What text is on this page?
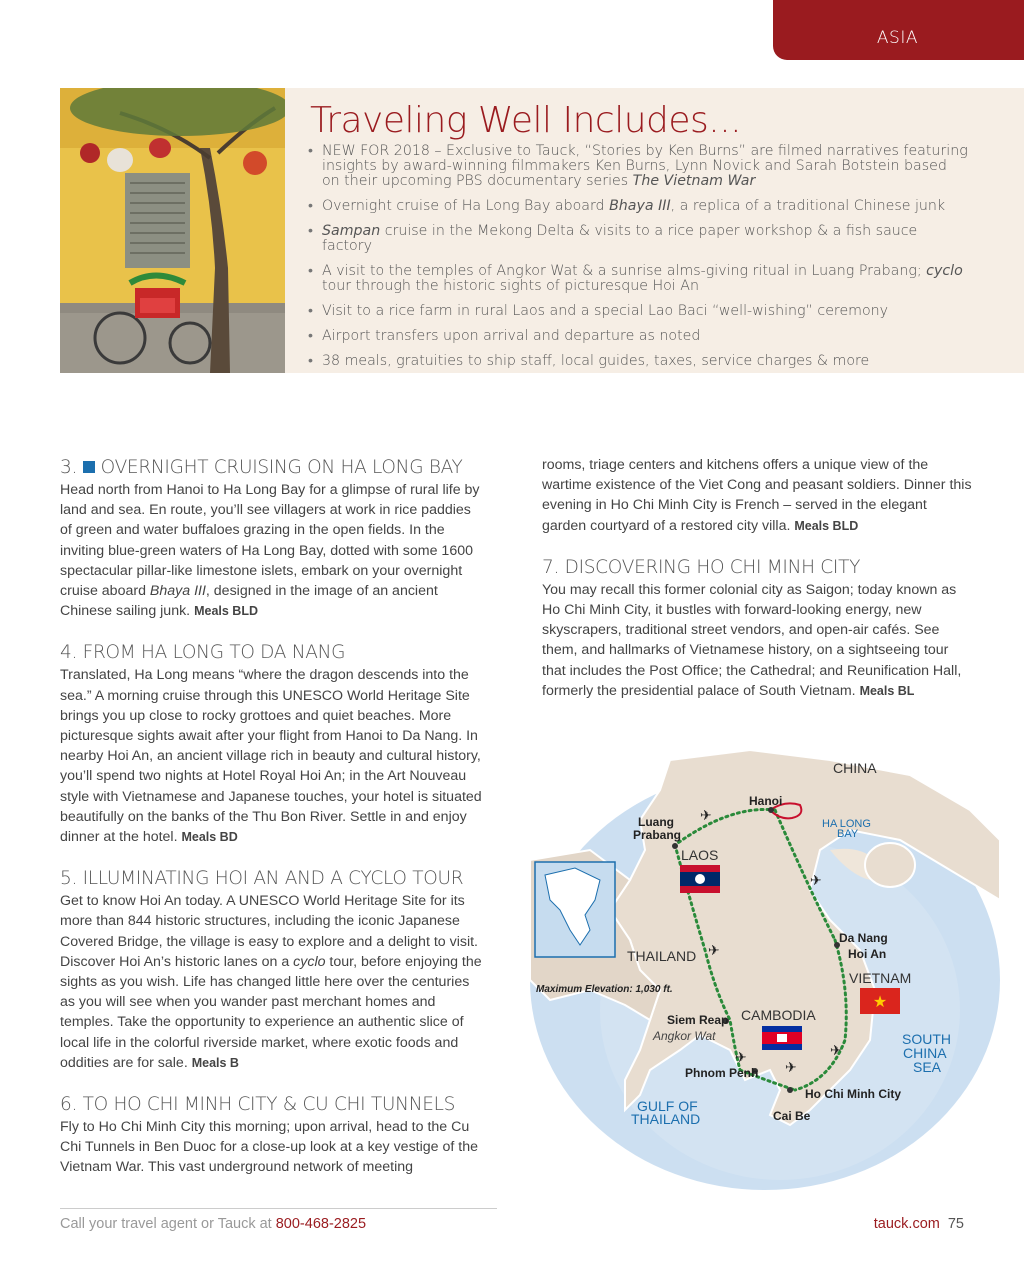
ASIA
Traveling Well Includes...
• NEW FOR 2018 – Exclusive to Tauck, “Stories by Ken Burns” are filmed narratives featuring insights by award-winning filmmakers Ken Burns, Lynn Novick and Sarah Botstein based on their upcoming PBS documentary series The Vietnam War
• Overnight cruise of Ha Long Bay aboard Bhaya III, a replica of a traditional Chinese junk
• Sampan cruise in the Mekong Delta & visits to a rice paper workshop & a fish sauce factory
• A visit to the temples of Angkor Wat & a sunrise alms-giving ritual in Luang Prabang; cyclo tour through the historic sights of picturesque Hoi An
• Visit to a rice farm in rural Laos and a special Lao Baci “well-wishing” ceremony
• Airport transfers upon arrival and departure as noted
• 38 meals, gratuities to ship staff, local guides, taxes, service charges & more
3. OVERNIGHT CRUISING ON HA LONG BAY

Head north from Hanoi to Ha Long Bay for a glimpse of rural life by land and sea. En route, you’ll see villagers at work in rice paddies of green and water buffaloes grazing in the open fields. In the inviting blue-green waters of Ha Long Bay, dotted with some 1600 spectacular pillar-like limestone islets, embark on your overnight cruise aboard Bhaya III, designed in the image of an ancient Chinese sailing junk. Meals BLD

4. FROM HA LONG TO DA NANG

Translated, Ha Long means “where the dragon descends into the sea.” A morning cruise through this UNESCO World Heritage Site brings you up close to rocky grottoes and quiet beaches. More picturesque sights await after your flight from Hanoi to Da Nang. In nearby Hoi An, an ancient village rich in beauty and cultural history, you’ll spend two nights at Hotel Royal Hoi An; in the Art Nouveau style with Vietnamese and Japanese touches, your hotel is situated beautifully on the banks of the Thu Bon River. Settle in and enjoy dinner at the hotel. Meals BD

5. ILLUMINATING HOI AN AND A CYCLO TOUR

Get to know Hoi An today. A UNESCO World Heritage Site for its more than 844 historic structures, including the iconic Japanese Covered Bridge, the village is easy to explore and a delight to visit. Discover Hoi An’s historic lanes on a cyclo tour, before enjoying the sights as you wish. Life has changed little here over the centuries as you will see when you wander past merchant homes and temples. Take the opportunity to experience an authentic slice of local life in the colorful riverside market, where exotic foods and oddities are for sale. Meals B

6. TO HO CHI MINH CITY & CU CHI TUNNELS

Fly to Ho Chi Minh City this morning; upon arrival, head to the Cu Chi Tunnels in Ben Duoc for a close-up look at a key vestige of the Vietnam War. This vast underground network of meeting

rooms, triage centers and kitchens offers a unique view of the wartime existence of the Viet Cong and peasant soldiers. Dinner this evening in Ho Chi Minh City is French – served in the elegant garden courtyard of a restored city villa. Meals BLD

7. DISCOVERING HO CHI MINH CITY

You may recall this former colonial city as Saigon; today known as Ho Chi Minh City, it bustles with forward-looking energy, new skyscrapers, traditional street vendors, and open-air cafés. See them, and hallmarks of Vietnamese history, on a sightseeing tour that includes the Post Office; the Cathedral; and Reunification Hall, formerly the presidential palace of South Vietnam. Meals BL

★
✈
✈
✈
✈
✈
✈
CHINA
Hanoi
HA LONG
BAY
Luang
Prabang
LAOS
THAILAND
Da Nang
Hoi An
VIETNAM
Maximum Elevation: 1,030 ft.
Siem Reap
Angkor Wat
CAMBODIA
SOUTH
CHINA
SEA
Phnom Penh
Ho Chi Minh City
Cai Be
GULF OF
THAILAND
Call your travel agent or Tauck at 800-468-2825	tauck.com 75
